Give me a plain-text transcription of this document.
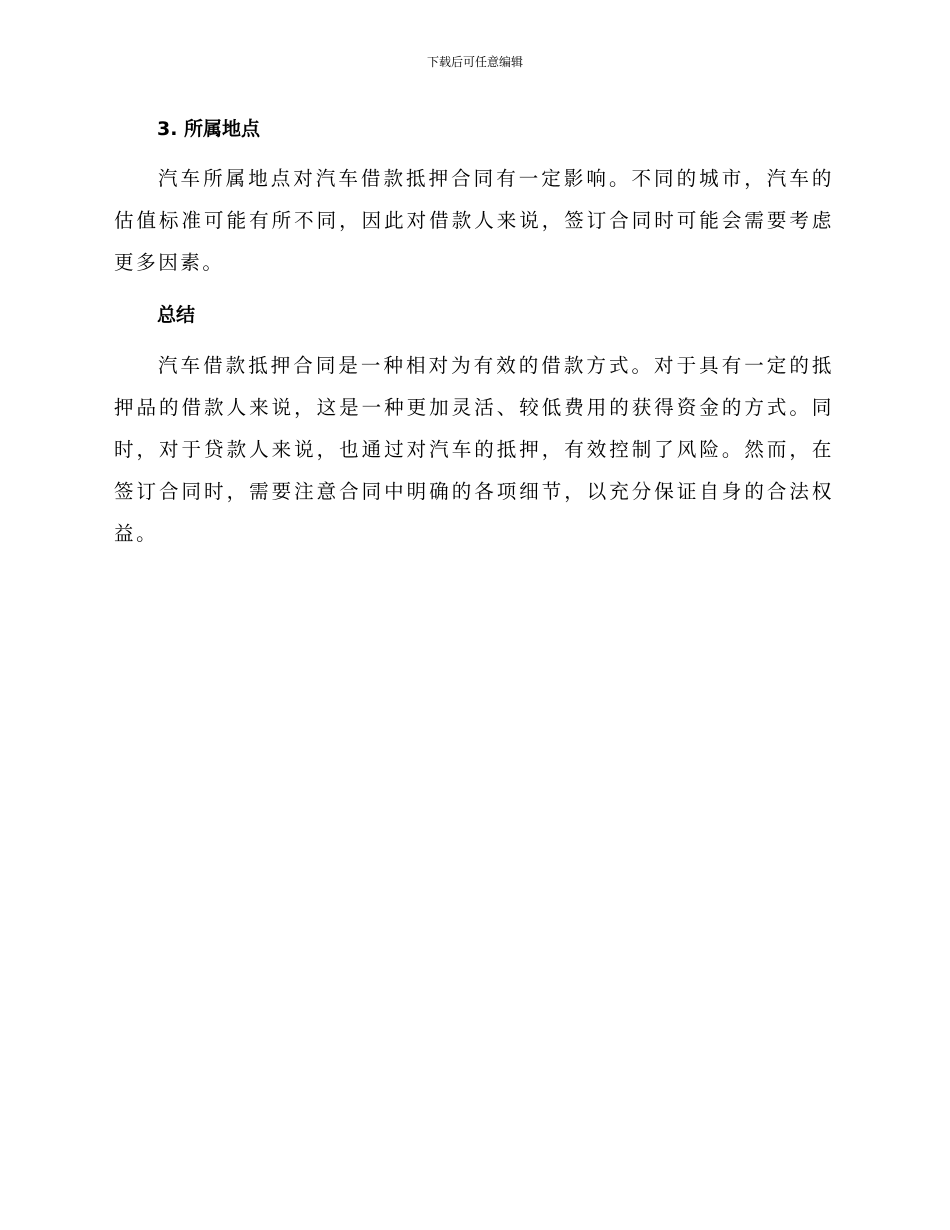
下载后可任意编辑
3. 所属地点

汽车所属地点对汽车借款抵押合同有一定影响。不同的城市，汽车的估值标准可能有所不同，因此对借款人来说，签订合同时可能会需要考虑更多因素。

总结

汽车借款抵押合同是一种相对为有效的借款方式。对于具有一定的抵押品的借款人来说，这是一种更加灵活、较低费用的获得资金的方式。同时，对于贷款人来说，也通过对汽车的抵押，有效控制了风险。然而，在签订合同时，需要注意合同中明确的各项细节，以充分保证自身的合法权益。
